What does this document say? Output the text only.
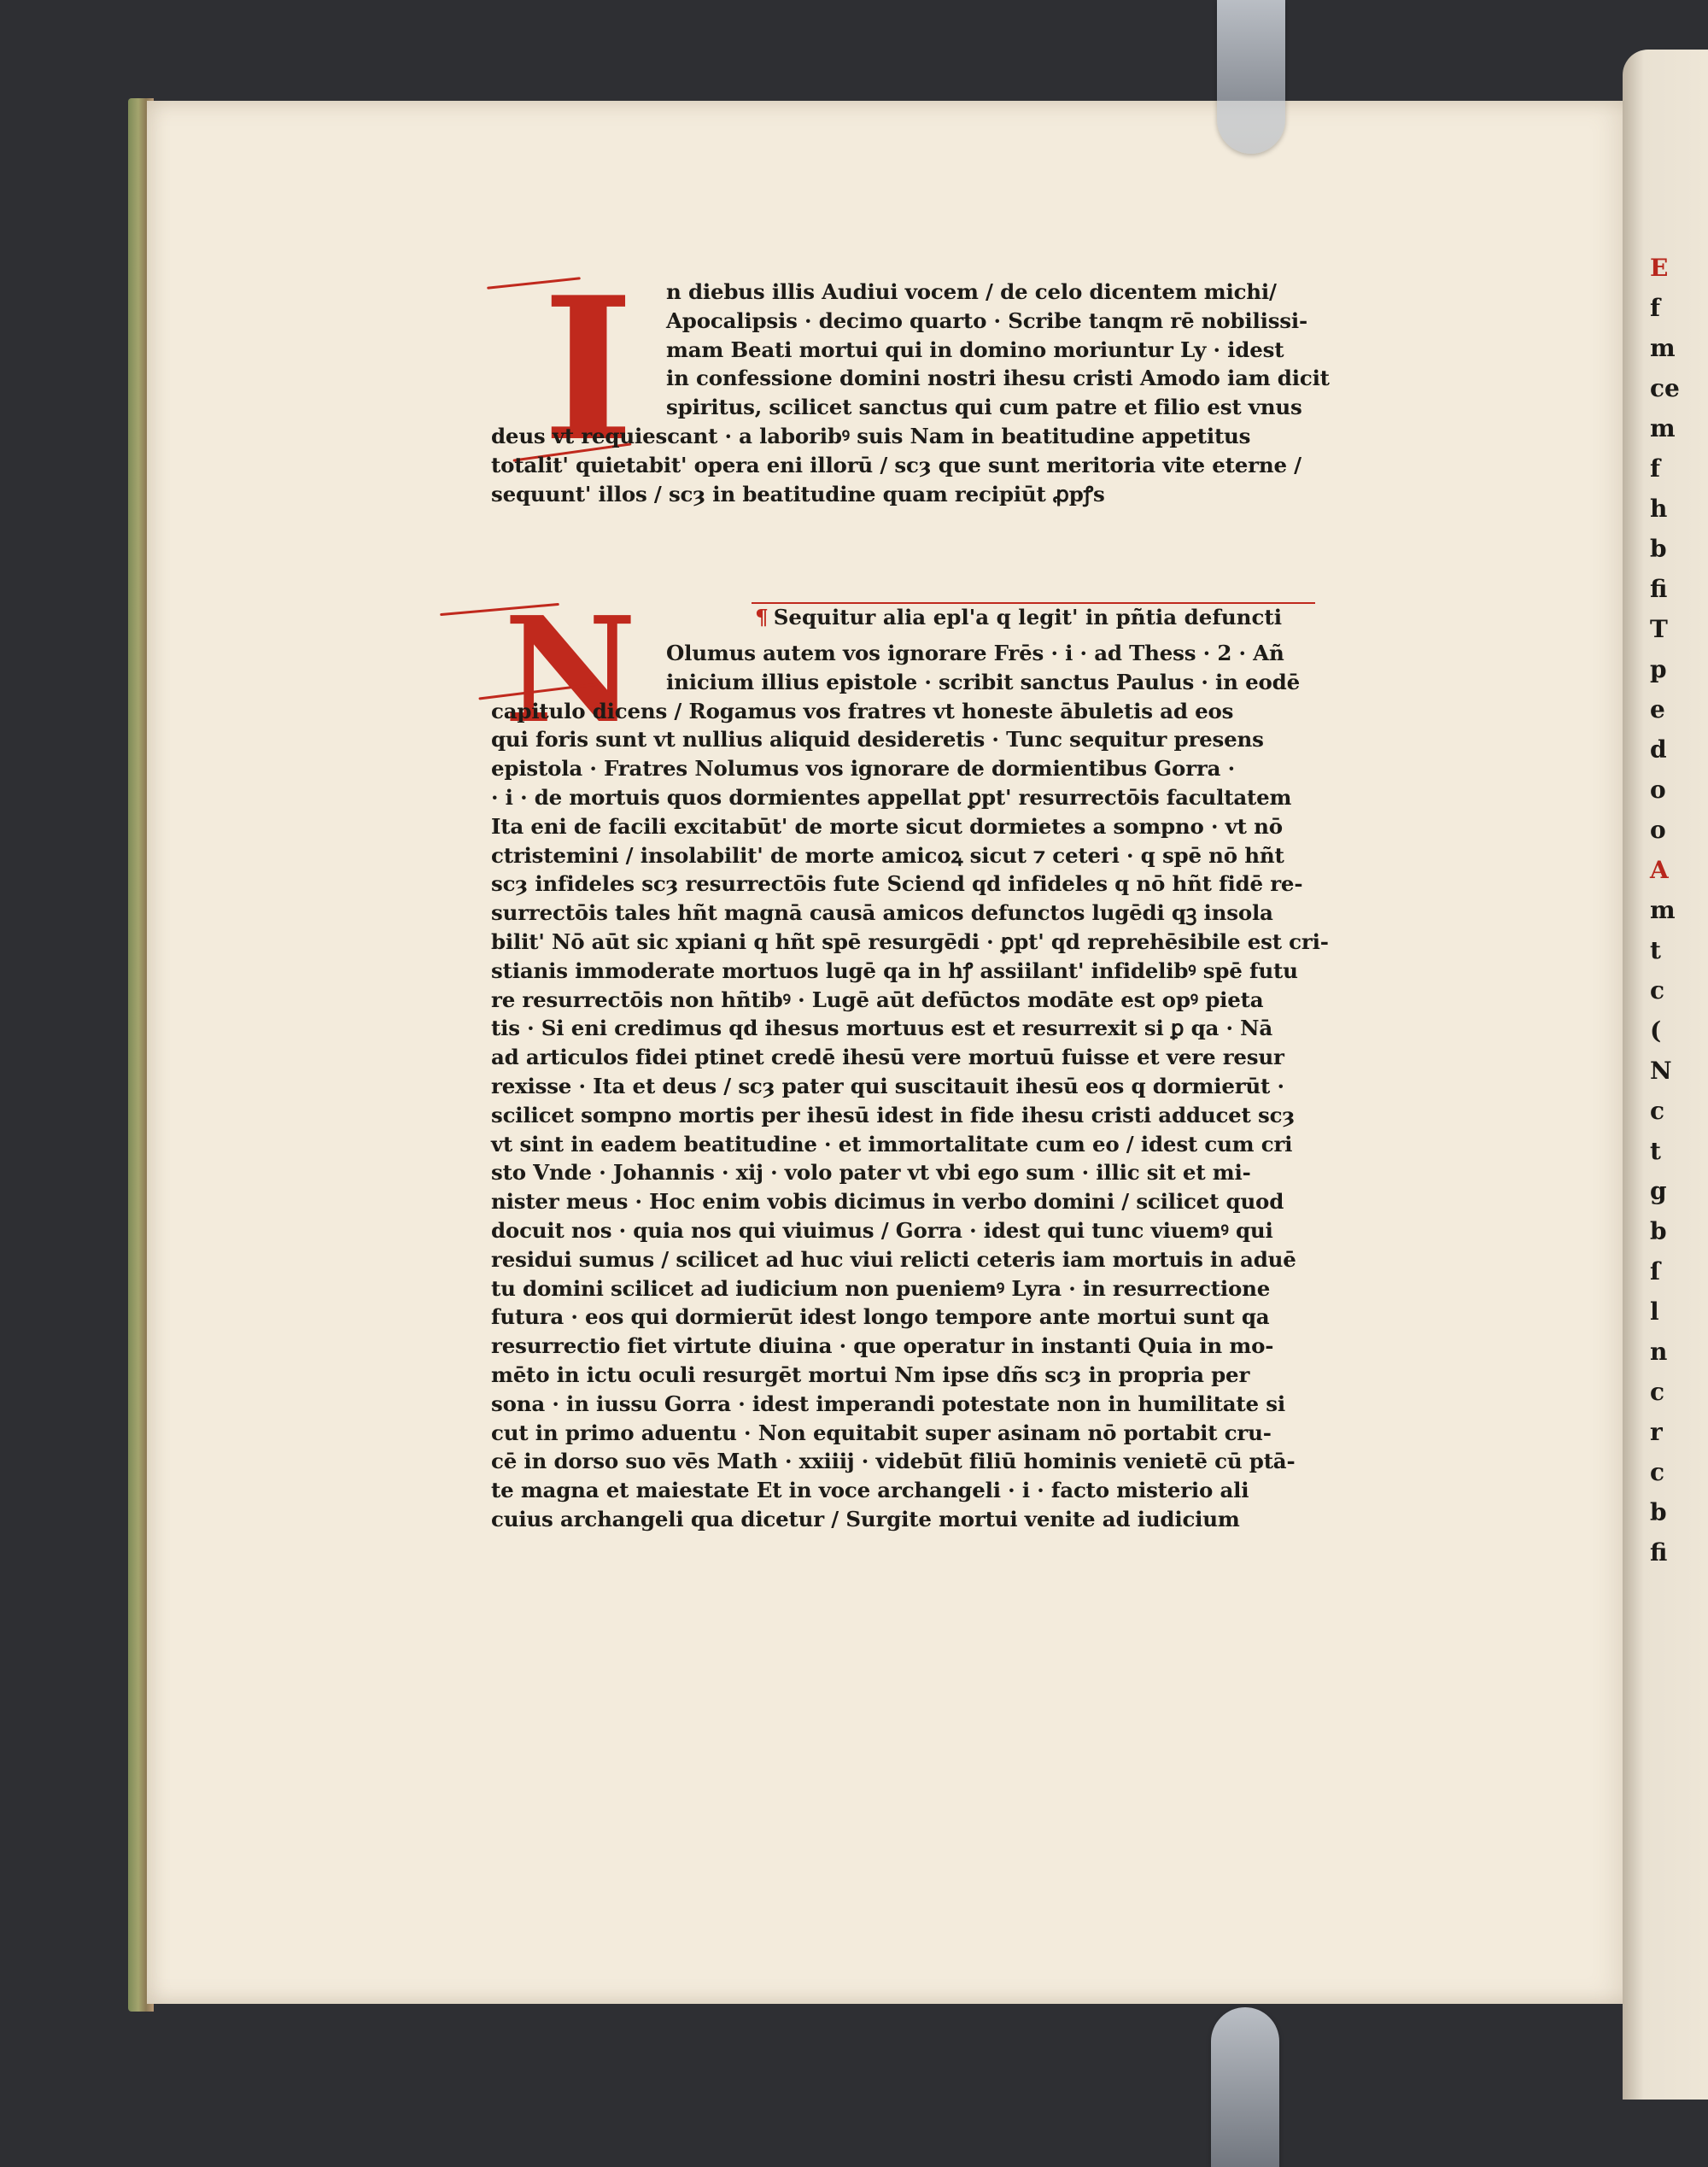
E
f
m
ce
m
f
h
b
fi
T
p
e
d
o
o
A
m
t
c
(
N
c
t
g
b
ſ
l
n
c
r
c
b
fi
I
N
n diebus illis Audiui vocem / de celo dicentem michi/
Apocalipsis · decimo quarto · Scribe tanqm rē nobilissi-
mam Beati mortui qui in domino moriuntur Ly · idest
in confessione domini nostri ihesu cristi Amodo iam dicit
spiritus, scilicet sanctus qui cum patre et filio est vnus
deus vt requiescant · a laboribꝰ suis Nam in beatitudine appetitus
totalit' quietabit' opera eni illorū / scȝ que sunt meritoria vite eterne /
sequunt' illos / scȝ in beatitudine quam recipiūt ꝓpꝭs

¶ Sequitur alia epl'a q legit' in pñtia defuncti

Olumus autem vos ignorare Frēs · i · ad Thess · 2 · Añ
inicium illius epistole · scribit sanctus Paulus · in eodē
capitulo dicens / Rogamus vos fratres vt honeste ābuletis ad eos
qui foris sunt vt nullius aliquid desideretis · Tunc sequitur presens
epistola · Fratres Nolumus vos ignorare de dormientibus Gorra ·
· i · de mortuis quos dormientes appellat ꝑpt' resurrectōis facultatem
Ita eni de facili excitabūt' de morte sicut dormietes a sompno · vt nō
ctristemini / insolabilit' de morte amicoꝝ sicut ⁊ ceteri · q spē nō hñt
scȝ infideles scȝ resurrectōis fute Sciend qd infideles q nō hñt fidē re-
surrectōis tales hñt magnā causā amicos defunctos lugēdi qꝫ insola
bilit' Nō aūt sic xpiani q hñt spē resurgēdi · ꝑpt' qd reprehēsibile est cri-
stianis immoderate mortuos lugē qa in hꝭ assiilant' infidelibꝰ spē futu
re resurrectōis non hñtibꝰ · Lugē aūt defūctos modāte est opꝰ pieta
tis · Si eni credimus qd ihesus mortuus est et resurrexit si ꝑ qa · Nā
ad articulos fidei ptinet credē ihesū vere mortuū fuisse et vere resur
rexisse · Ita et deus / scȝ pater qui suscitauit ihesū eos q dormierūt ·
scilicet sompno mortis per ihesū idest in fide ihesu cristi adducet scȝ
vt sint in eadem beatitudine · et immortalitate cum eo / idest cum cri
sto Vnde · Johannis · xij · volo pater vt vbi ego sum · illic sit et mi-
nister meus · Hoc enim vobis dicimus in verbo domini / scilicet quod
docuit nos · quia nos qui viuimus / Gorra · idest qui tunc viuemꝰ qui
residui sumus / scilicet ad huc viui relicti ceteris iam mortuis in aduē
tu domini scilicet ad iudicium non pueniemꝰ Lyra · in resurrectione
futura · eos qui dormierūt idest longo tempore ante mortui sunt qa
resurrectio fiet virtute diuina · que operatur in instanti Quia in mo-
mēto in ictu oculi resurgēt mortui Nm ipse dñs scȝ in propria per
sona · in iussu Gorra · idest imperandi potestate non in humilitate si
cut in primo aduentu · Non equitabit super asinam nō portabit cru-
cē in dorso suo vēs Math · xxiiij · videbūt filiū hominis venietē cū ptā-
te magna et maiestate Et in voce archangeli · i · facto misterio ali
cuius archangeli qua dicetur / Surgite mortui venite ad iudicium
